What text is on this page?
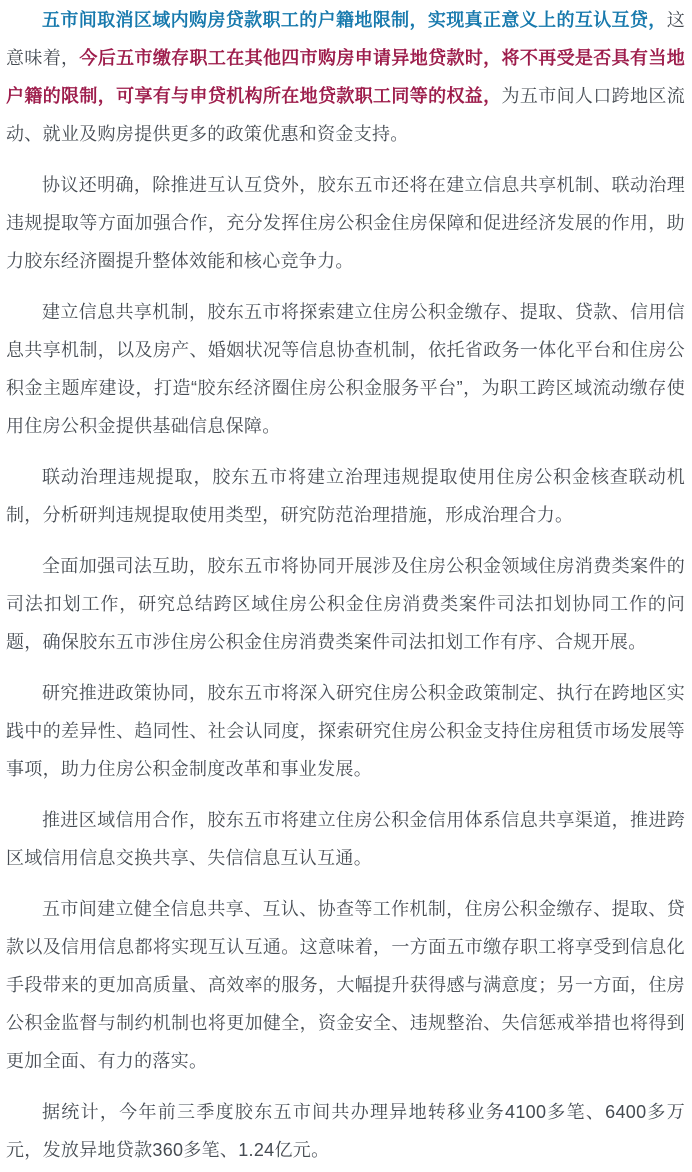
五市间取消区域内购房贷款职工的户籍地限制，实现真正意义上的互认互贷，这意味着，今后五市缴存职工在其他四市购房申请异地贷款时，将不再受是否具有当地户籍的限制，可享有与申贷机构所在地贷款职工同等的权益，为五市间人口跨地区流动、就业及购房提供更多的政策优惠和资金支持。

协议还明确，除推进互认互贷外，胶东五市还将在建立信息共享机制、联动治理违规提取等方面加强合作，充分发挥住房公积金住房保障和促进经济发展的作用，助力胶东经济圈提升整体效能和核心竞争力。

建立信息共享机制，胶东五市将探索建立住房公积金缴存、提取、贷款、信用信息共享机制，以及房产、婚姻状况等信息协查机制，依托省政务一体化平台和住房公积金主题库建设，打造“胶东经济圈住房公积金服务平台”，为职工跨区域流动缴存使用住房公积金提供基础信息保障。

联动治理违规提取，胶东五市将建立治理违规提取使用住房公积金核查联动机制，分析研判违规提取使用类型，研究防范治理措施，形成治理合力。

全面加强司法互助，胶东五市将协同开展涉及住房公积金领域住房消费类案件的司法扣划工作，研究总结跨区域住房公积金住房消费类案件司法扣划协同工作的问题，确保胶东五市涉住房公积金住房消费类案件司法扣划工作有序、合规开展。

研究推进政策协同，胶东五市将深入研究住房公积金政策制定、执行在跨地区实践中的差异性、趋同性、社会认同度，探索研究住房公积金支持住房租赁市场发展等事项，助力住房公积金制度改革和事业发展。

推进区域信用合作，胶东五市将建立住房公积金信用体系信息共享渠道，推进跨区域信用信息交换共享、失信信息互认互通。

五市间建立健全信息共享、互认、协查等工作机制，住房公积金缴存、提取、贷款以及信用信息都将实现互认互通。这意味着，一方面五市缴存职工将享受到信息化手段带来的更加高质量、高效率的服务，大幅提升获得感与满意度；另一方面，住房公积金监督与制约机制也将更加健全，资金安全、违规整治、失信惩戒举措也将得到更加全面、有力的落实。

据统计，今年前三季度胶东五市间共办理异地转移业务4100多笔、6400多万元，发放异地贷款360多笔、1.24亿元。
